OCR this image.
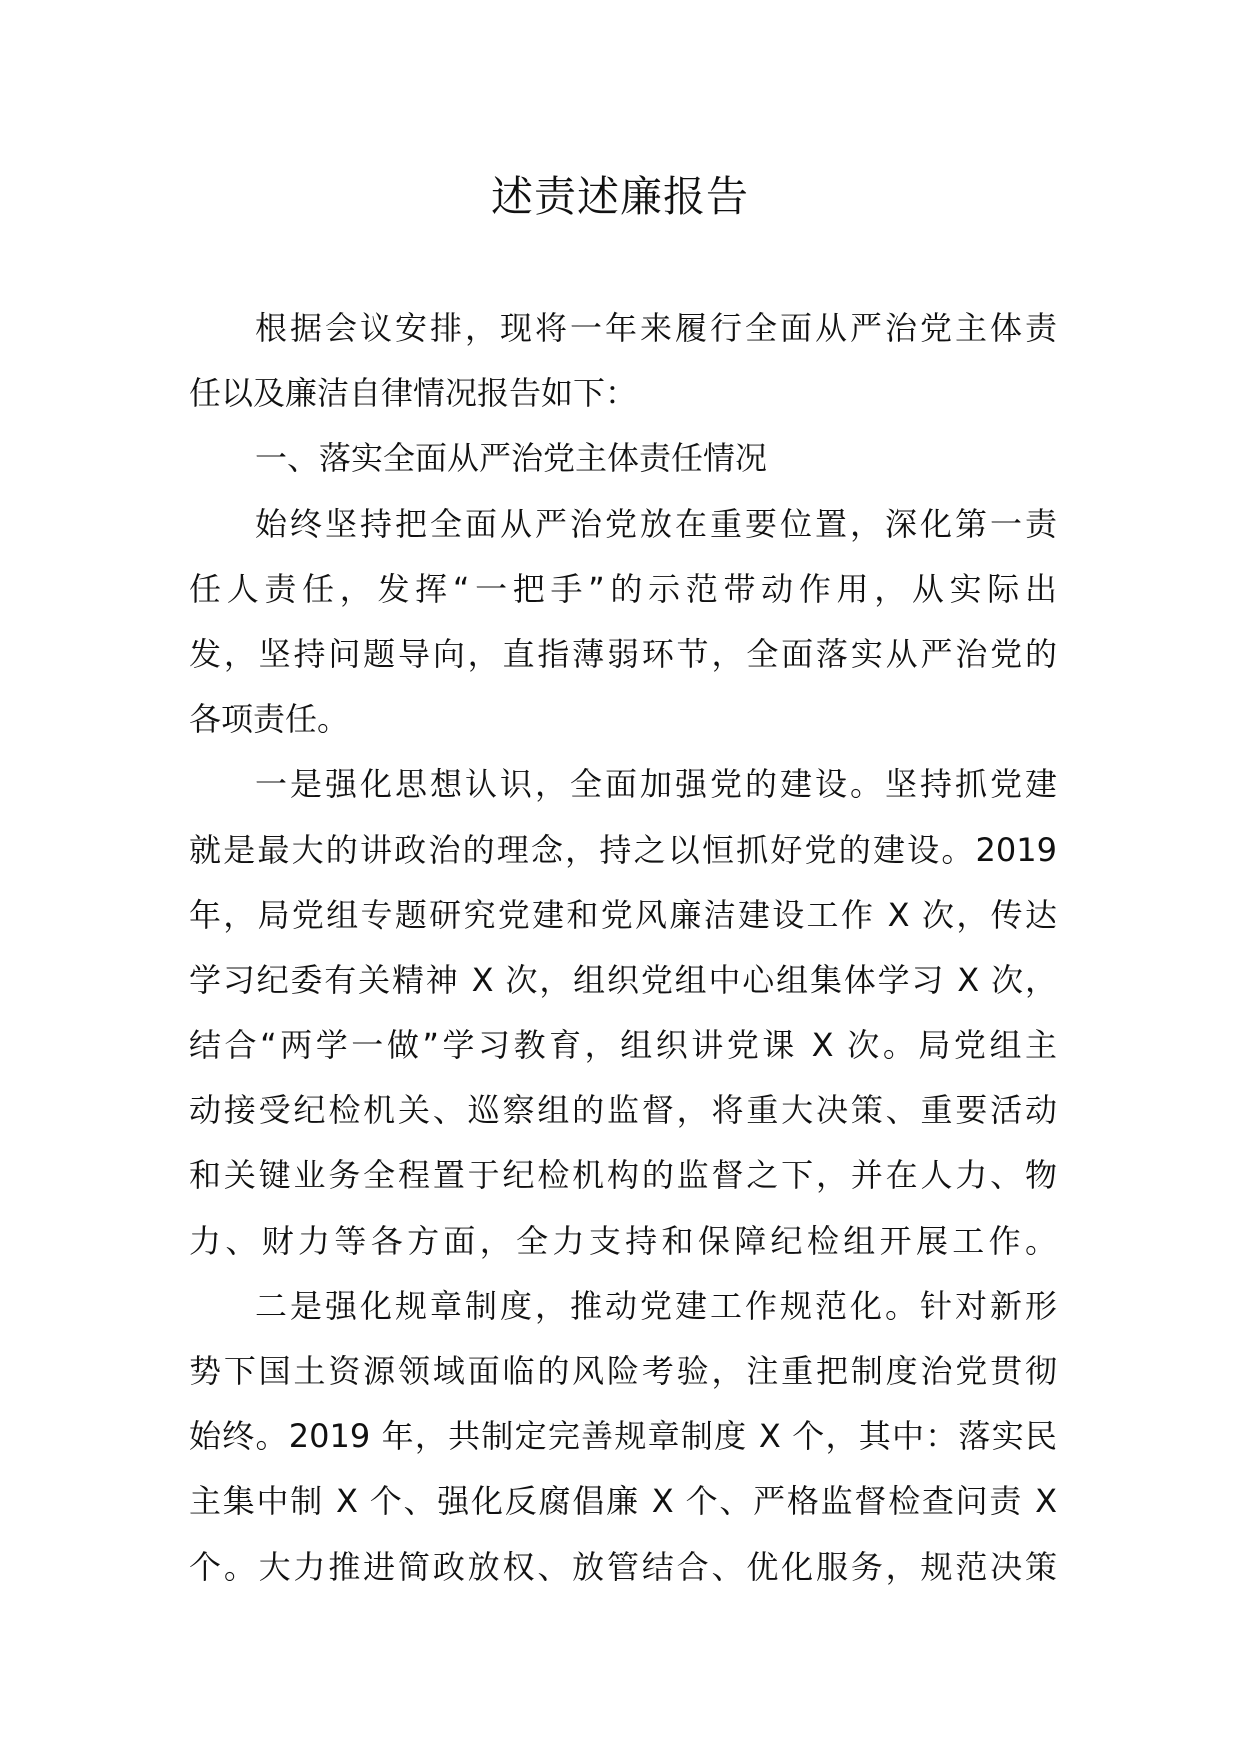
述责述廉报告
根据会议安排，现将一年来履行全面从严治党主体责
任以及廉洁自律情况报告如下：
一、落实全面从严治党主体责任情况
始终坚持把全面从严治党放在重要位置，深化第一责
任人责任，发挥“一把手”的示范带动作用，从实际出
发，坚持问题导向，直指薄弱环节，全面落实从严治党的
各项责任。
一是强化思想认识，全面加强党的建设。坚持抓党建
就是最大的讲政治的理念，持之以恒抓好党的建设。2019
年，局党组专题研究党建和党风廉洁建设工作 X 次，传达
学习纪委有关精神 X 次，组织党组中心组集体学习 X 次，
结合“两学一做”学习教育，组织讲党课 X 次。局党组主
动接受纪检机关、巡察组的监督，将重大决策、重要活动
和关键业务全程置于纪检机构的监督之下，并在人力、物
力、财力等各方面，全力支持和保障纪检组开展工作。
二是强化规章制度，推动党建工作规范化。针对新形
势下国土资源领域面临的风险考验，注重把制度治党贯彻
始终。2019 年，共制定完善规章制度 X 个，其中：落实民
主集中制 X 个、强化反腐倡廉 X 个、严格监督检查问责 X
个。大力推进简政放权、放管结合、优化服务，规范决策
